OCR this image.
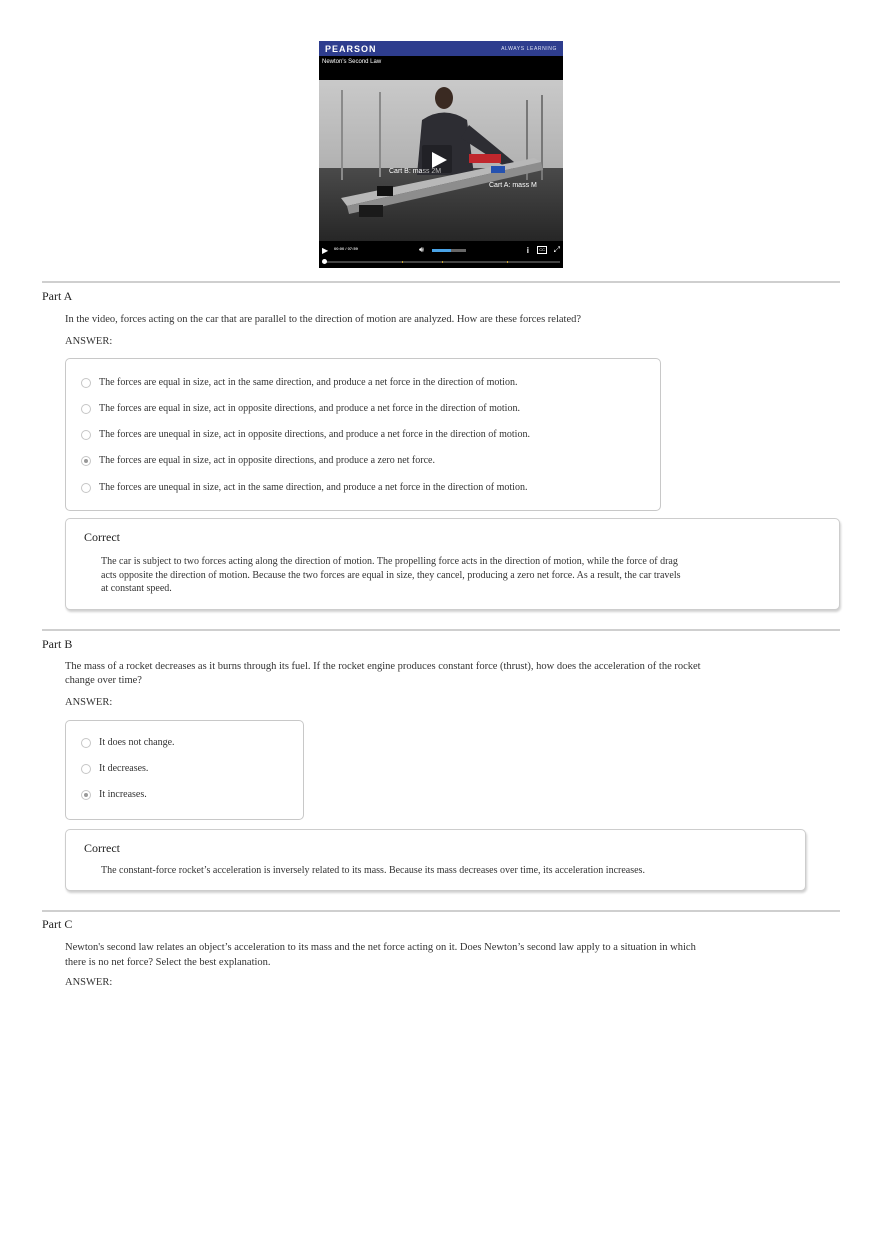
PEARSON	ALWAYS LEARNING
Newton's Second Law
Cart B: mass 2M
Cart A: mass M
▶ 00:00 / 07:59	🔊︎	i	CC ⤢
Part A
In the video, forces acting on the car that are parallel to the direction of motion are analyzed. How are these forces related?
ANSWER:
The forces are equal in size, act in the same direction, and produce a net force in the direction of motion.
The forces are equal in size, act in opposite directions, and produce a net force in the direction of motion.
The forces are unequal in size, act in opposite directions, and produce a net force in the direction of motion.
The forces are equal in size, act in opposite directions, and produce a zero net force.
The forces are unequal in size, act in the same direction, and produce a net force in the direction of motion.
Correct
The car is subject to two forces acting along the direction of motion. The propelling force acts in the direction of motion, while the force of drag
acts opposite the direction of motion. Because the two forces are equal in size, they cancel, producing a zero net force. As a result, the car travels
at constant speed.
Part B
The mass of a rocket decreases as it burns through its fuel. If the rocket engine produces constant force (thrust), how does the acceleration of the rocket
change over time?
ANSWER:
It does not change.
It decreases.
It increases.
Correct
The constant-force rocket’s acceleration is inversely related to its mass. Because its mass decreases over time, its acceleration increases.
Part C
Newton's second law relates an object’s acceleration to its mass and the net force acting on it. Does Newton’s second law apply to a situation in which
there is no net force? Select the best explanation.
ANSWER:
